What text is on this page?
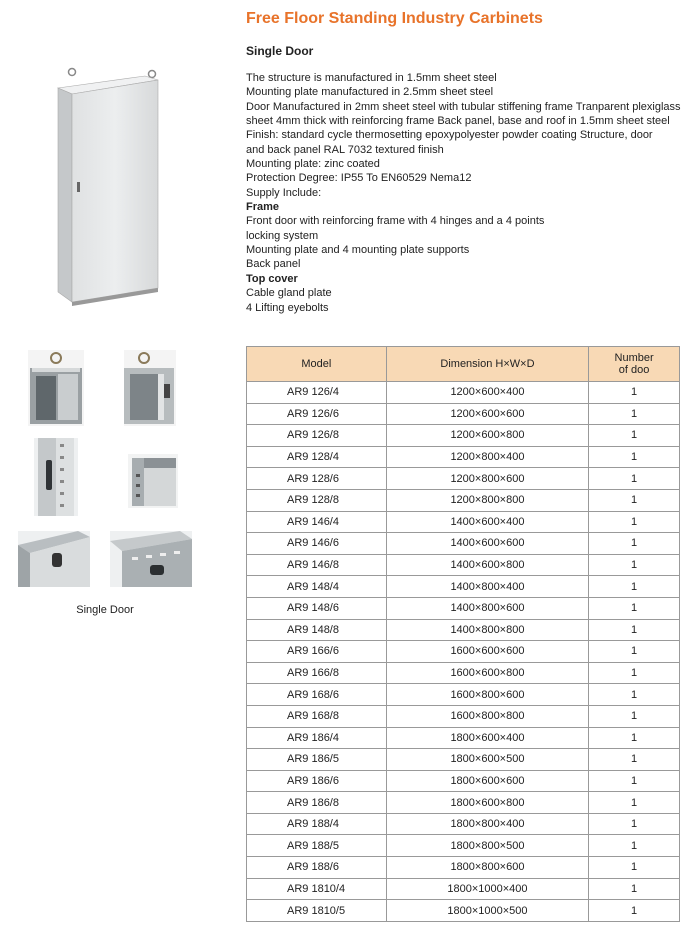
Free Floor Standing Industry Carbinets
Single Door
The structure is manufactured in 1.5mm sheet steel
Mounting plate manufactured in 2.5mm sheet steel
Door Manufactured in 2mm sheet steel with tubular stiffening frame Tranparent plexiglass
sheet 4mm thick with reinforcing frame Back panel, base and roof in 1.5mm sheet steel
Finish: standard cycle thermosetting epoxypolyester powder coating Structure, door
and back panel RAL 7032 textured finish
Mounting plate: zinc coated
Protection Degree: IP55 To EN60529 Nema12
Supply Include:
Frame
Front door with reinforcing frame with 4 hinges and a 4 points
locking system
Mounting plate and 4 mounting plate supports
Back panel
Top cover
Cable gland plate
4 Lifting eyebolts
Single Door
Model	Dimension H×W×D	Number
of doo
AR9 126/4	1200×600×400	1
AR9 126/6	1200×600×600	1
AR9 126/8	1200×600×800	1
AR9 128/4	1200×800×400	1
AR9 128/6	1200×800×600	1
AR9 128/8	1200×800×800	1
AR9 146/4	1400×600×400	1
AR9 146/6	1400×600×600	1
AR9 146/8	1400×600×800	1
AR9 148/4	1400×800×400	1
AR9 148/6	1400×800×600	1
AR9 148/8	1400×800×800	1
AR9 166/6	1600×600×600	1
AR9 166/8	1600×600×800	1
AR9 168/6	1600×800×600	1
AR9 168/8	1600×800×800	1
AR9 186/4	1800×600×400	1
AR9 186/5	1800×600×500	1
AR9 186/6	1800×600×600	1
AR9 186/8	1800×600×800	1
AR9 188/4	1800×800×400	1
AR9 188/5	1800×800×500	1
AR9 188/6	1800×800×600	1
AR9 1810/4	1800×1000×400	1
AR9 1810/5	1800×1000×500	1
